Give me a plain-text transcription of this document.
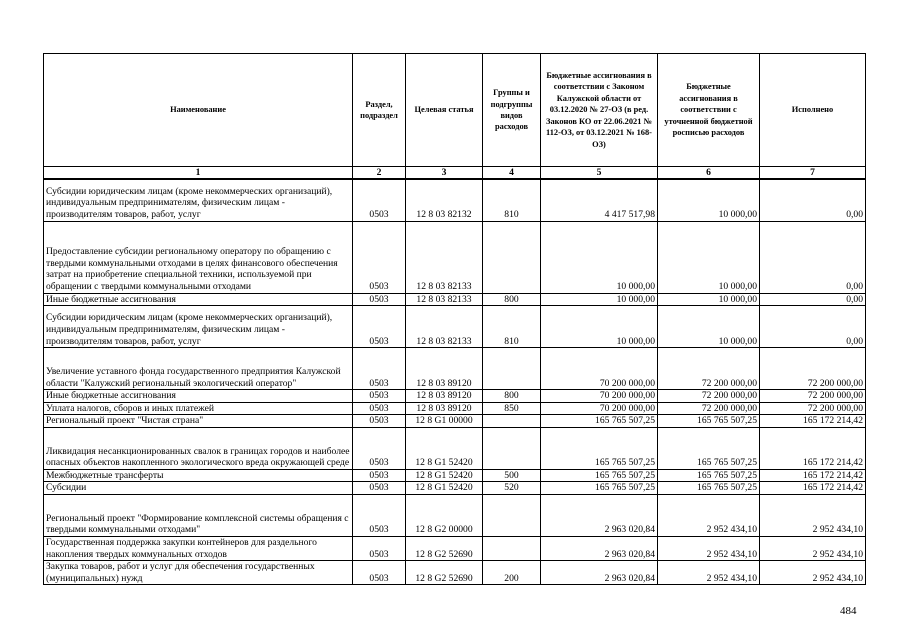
Наименование	Раздел, подраздел	Целевая статья	Группы и подгруппы видов расходов	Бюджетные ассигнования в соответствии с Законом Калужской области от 03.12.2020 № 27-ОЗ (в ред. Законов КО от 22.06.2021 № 112-ОЗ, от 03.12.2021 № 168-ОЗ)	Бюджетные ассигнования в соответствии с уточненной бюджетной росписью расходов	Исполнено
1	2	3	4	5	6	7
Субсидии юридическим лицам (кроме некоммерческих организаций), индивидуальным предпринимателям, физическим лицам - производителям товаров, работ, услуг	0503	12 8 03 82132	810	4 417 517,98	10 000,00	0,00
Предоставление субсидии региональному оператору по обращению с твердыми коммунальными отходами в целях финансового обеспечения затрат на приобретение специальной техники, используемой при обращении с твердыми коммунальными отходами	0503	12 8 03 82133		10 000,00	10 000,00	0,00
Иные бюджетные ассигнования	0503	12 8 03 82133	800	10 000,00	10 000,00	0,00
Субсидии юридическим лицам (кроме некоммерческих организаций), индивидуальным предпринимателям, физическим лицам - производителям товаров, работ, услуг	0503	12 8 03 82133	810	10 000,00	10 000,00	0,00
Увеличение уставного фонда государственного предприятия Калужской области "Калужский региональный экологический оператор"	0503	12 8 03 89120		70 200 000,00	72 200 000,00	72 200 000,00
Иные бюджетные ассигнования	0503	12 8 03 89120	800	70 200 000,00	72 200 000,00	72 200 000,00
Уплата налогов, сборов и иных платежей	0503	12 8 03 89120	850	70 200 000,00	72 200 000,00	72 200 000,00
Региональный проект "Чистая страна"	0503	12 8 G1 00000		165 765 507,25	165 765 507,25	165 172 214,42
Ликвидация несанкционированных свалок в границах городов и наиболее опасных объектов накопленного экологического вреда окружающей среде	0503	12 8 G1 52420		165 765 507,25	165 765 507,25	165 172 214,42
Межбюджетные трансферты	0503	12 8 G1 52420	500	165 765 507,25	165 765 507,25	165 172 214,42
Субсидии	0503	12 8 G1 52420	520	165 765 507,25	165 765 507,25	165 172 214,42
Региональный проект "Формирование комплексной системы обращения с твердыми коммунальными отходами"	0503	12 8 G2 00000		2 963 020,84	2 952 434,10	2 952 434,10
Государственная поддержка закупки контейнеров для раздельного накопления твердых коммунальных отходов	0503	12 8 G2 52690		2 963 020,84	2 952 434,10	2 952 434,10
Закупка товаров, работ и услуг для обеспечения государственных (муниципальных) нужд	0503	12 8 G2 52690	200	2 963 020,84	2 952 434,10	2 952 434,10
484
